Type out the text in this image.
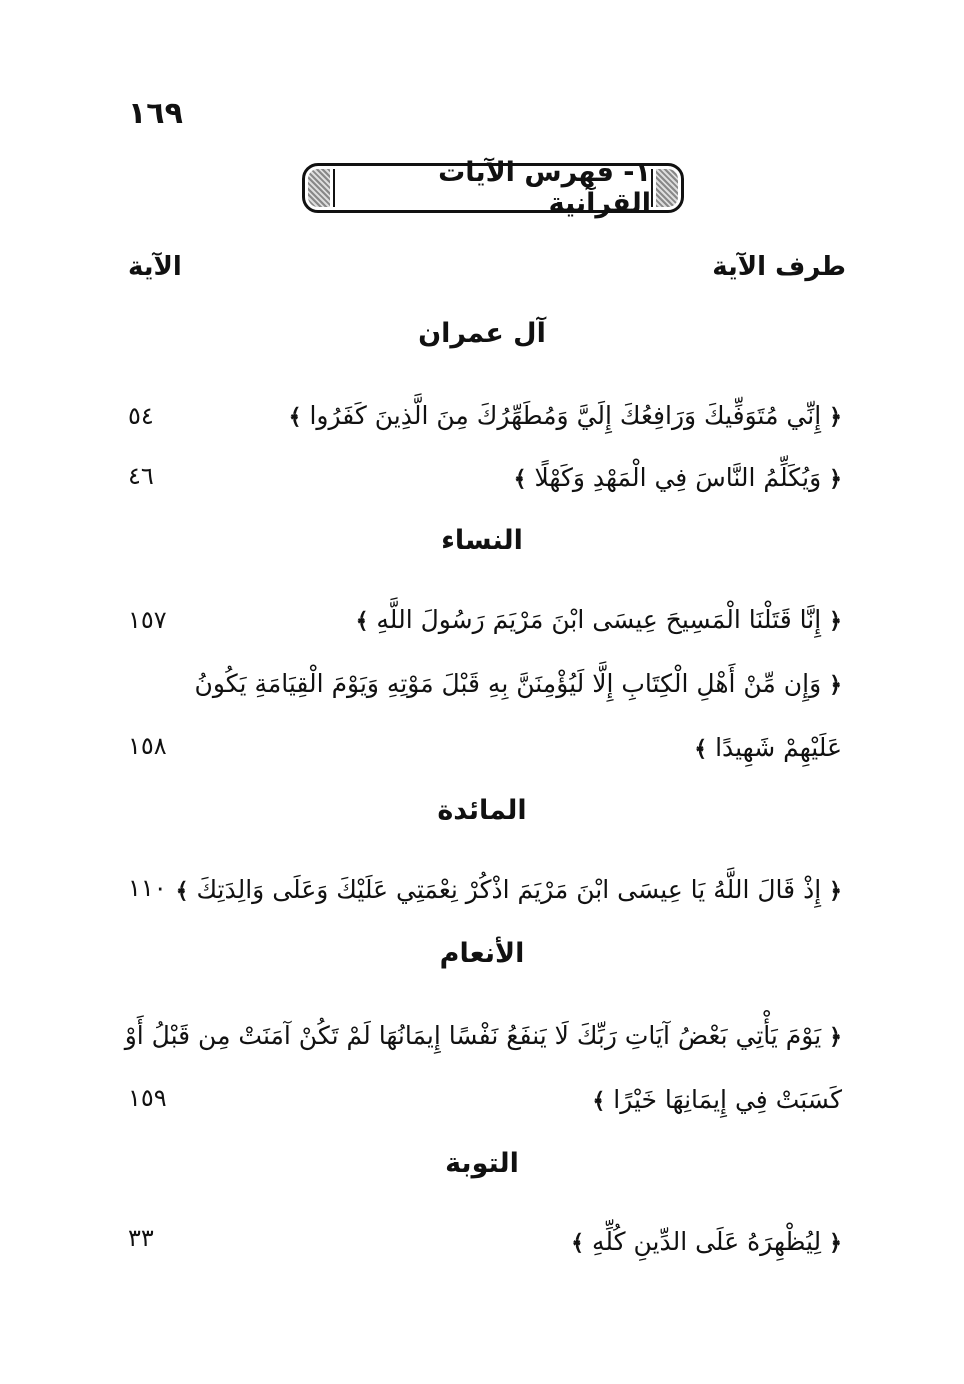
١٦٩
١- فهرس الآيات القرآنية
طرف الآية
الآية
آل عمران
﴿ إِنِّي مُتَوَفِّيكَ وَرَافِعُكَ إِلَيَّ وَمُطَهِّرُكَ مِنَ الَّذِينَ كَفَرُوا ﴾
٥٤
﴿ وَيُكَلِّمُ النَّاسَ فِي الْمَهْدِ وَكَهْلًا ﴾
٤٦
النساء
﴿ إِنَّا قَتَلْنَا الْمَسِيحَ عِيسَى ابْنَ مَرْيَمَ رَسُولَ اللَّهِ ﴾
١٥٧
﴿ وَإِن مِّنْ أَهْلِ الْكِتَابِ إِلَّا لَيُؤْمِنَنَّ بِهِ قَبْلَ مَوْتِهِ وَيَوْمَ الْقِيَامَةِ يَكُونُ
عَلَيْهِمْ شَهِيدًا ﴾
١٥٨
المائدة
﴿ إِذْ قَالَ اللَّهُ يَا عِيسَى ابْنَ مَرْيَمَ اذْكُرْ نِعْمَتِي عَلَيْكَ وَعَلَى وَالِدَتِكَ ﴾
١١٠
الأنعام
﴿ يَوْمَ يَأْتِي بَعْضُ آيَاتِ رَبِّكَ لَا يَنفَعُ نَفْسًا إِيمَانُهَا لَمْ تَكُنْ آمَنَتْ مِن قَبْلُ أَوْ
كَسَبَتْ فِي إِيمَانِهَا خَيْرًا ﴾
١٥٩
التوبة
﴿ لِيُظْهِرَهُ عَلَى الدِّينِ كُلِّهِ ﴾
٣٣
